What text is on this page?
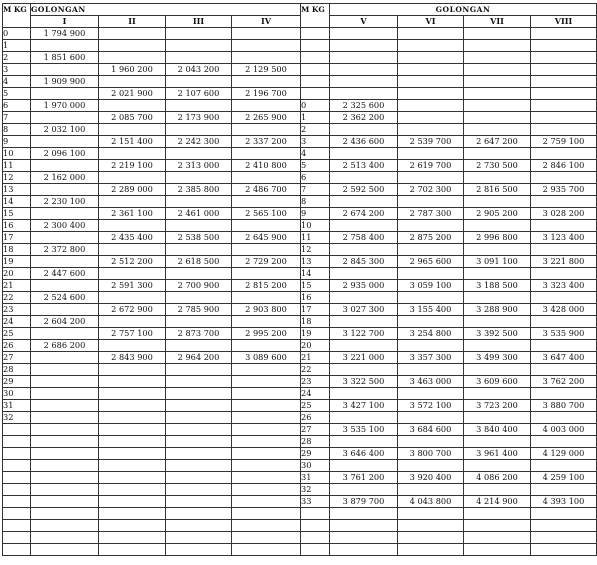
M KG	GOLONGAN				M KG	GOLONGAN			
	I	II	III	IV		V	VI	VII	VIII
0	1 794 900								
1									
2	1 851 600								
3		1 960 200	2 043 200	2 129 500					
4	1 909 900								
5		2 021 900	2 107 600	2 196 700					
6	1 970 000				0	2 325 600			
7		2 085 700	2 173 900	2 265 900	1	2 362 200			
8	2 032 100				2				
9		2 151 400	2 242 300	2 337 200	3	2 436 600	2 539 700	2 647 200	2 759 100
10	2 096 100				4				
11		2 219 100	2 313 000	2 410 800	5	2 513 400	2 619 700	2 730 500	2 846 100
12	2 162 000				6				
13		2 289 000	2 385 800	2 486 700	7	2 592 500	2 702 300	2 816 500	2 935 700
14	2 230 100				8				
15		2 361 100	2 461 000	2 565 100	9	2 674 200	2 787 300	2 905 200	3 028 200
16	2 300 400				10				
17		2 435 400	2 538 500	2 645 900	11	2 758 400	2 875 200	2 996 800	3 123 400
18	2 372 800				12				
19		2 512 200	2 618 500	2 729 200	13	2 845 300	2 965 600	3 091 100	3 221 800
20	2 447 600				14				
21		2 591 300	2 700 900	2 815 200	15	2 935 000	3 059 100	3 188 500	3 323 400
22	2 524 600				16				
23		2 672 900	2 785 900	2 903 800	17	3 027 300	3 155 400	3 288 900	3 428 000
24	2 604 200				18				
25		2 757 100	2 873 700	2 995 200	19	3 122 700	3 254 800	3 392 500	3 535 900
26	2 686 200				20				
27		2 843 900	2 964 200	3 089 600	21	3 221 000	3 357 300	3 499 300	3 647 400
28					22				
29					23	3 322 500	3 463 000	3 609 600	3 762 200
30					24				
31					25	3 427 100	3 572 100	3 723 200	3 880 700
32					26				
					27	3 535 100	3 684 600	3 840 400	4 003 000
					28				
					29	3 646 400	3 800 700	3 961 400	4 129 000
					30				
					31	3 761 200	3 920 400	4 086 200	4 259 100
					32				
					33	3 879 700	4 043 800	4 214 900	4 393 100
